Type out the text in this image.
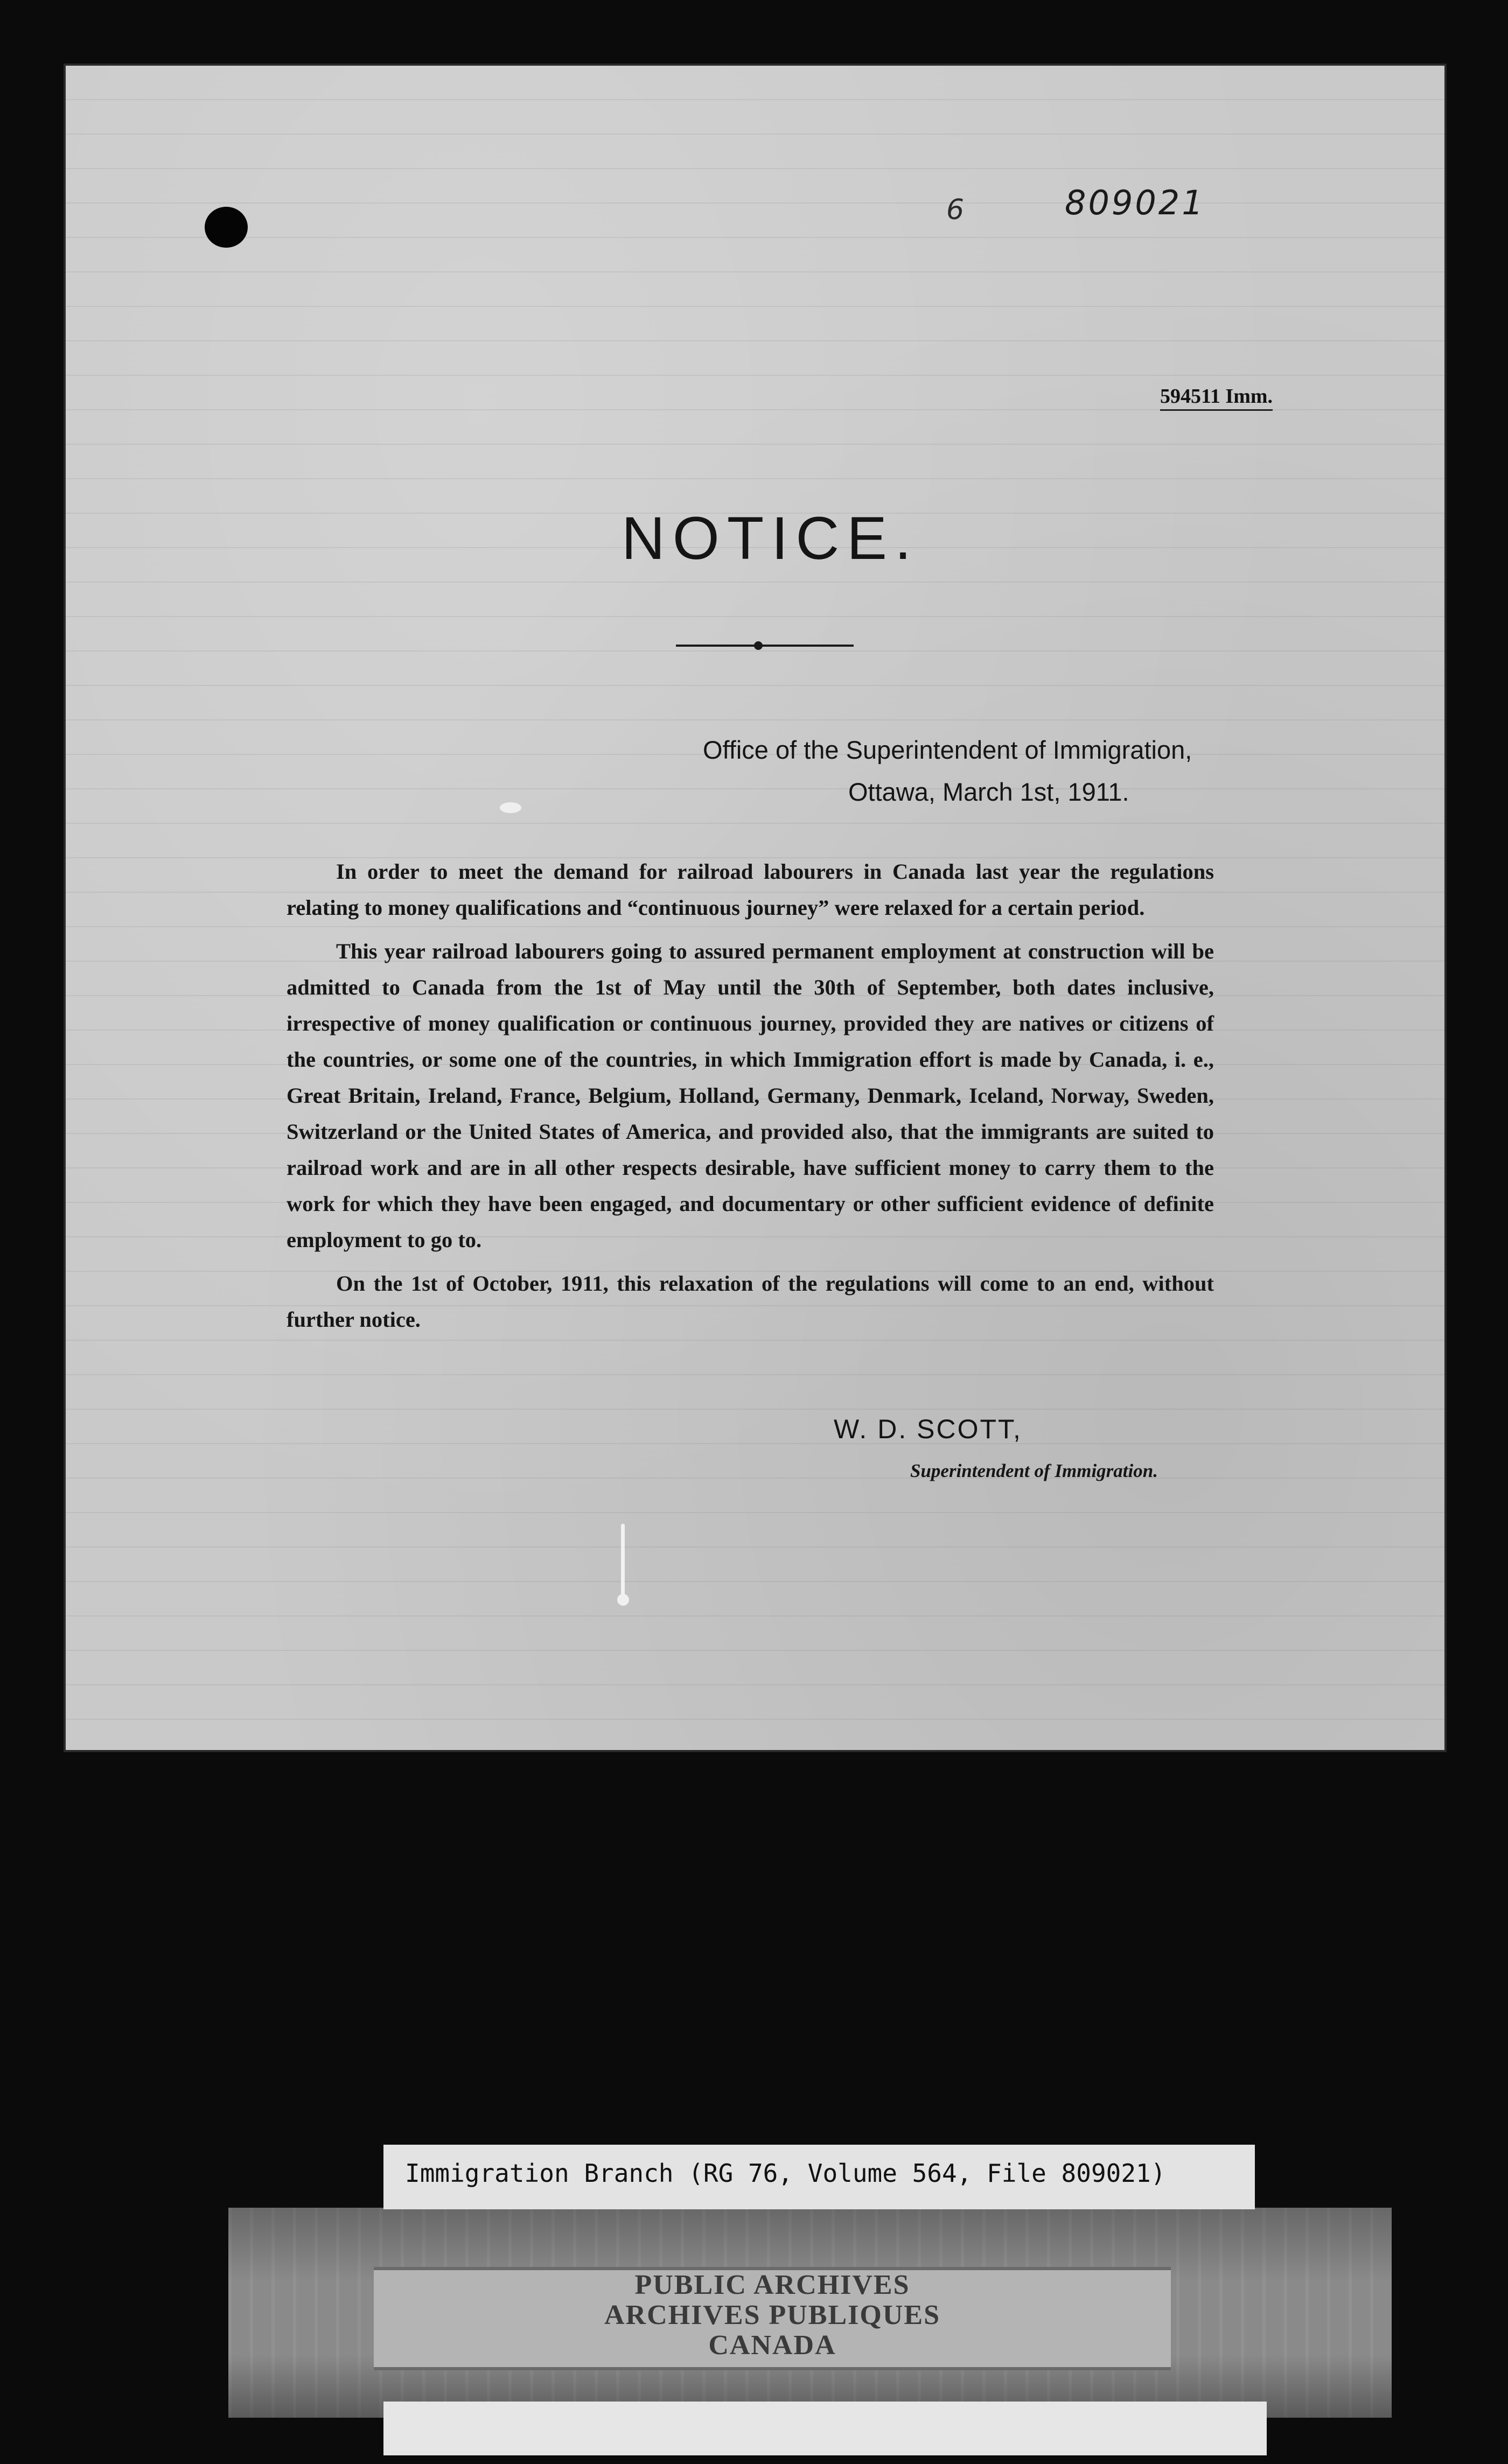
6	809021
594511 Imm.
NOTICE.
Office of the Superintendent of Immigration,
Ottawa, March 1st, 1911.

In order to meet the demand for railroad labourers in Canada last year the regulations relating to money qualifications and “continuous journey” were relaxed for a certain period.

This year railroad labourers going to assured permanent employment at construction will be admitted to Canada from the 1st of May until the 30th of September, both dates inclusive, irrespective of money qualification or continuous journey, provided they are natives or citizens of the countries, or some one of the countries, in which Immigration effort is made by Canada, i. e., Great Britain, Ireland, France, Belgium, Holland, Germany, Denmark, Iceland, Norway, Sweden, Switzerland or the United States of America, and provided also, that the immigrants are suited to railroad work and are in all other respects desirable, have sufficient money to carry them to the work for which they have been engaged, and documentary or other sufficient evidence of definite employment to go to.

On the 1st of October, 1911, this relaxation of the regulations will come to an end, without further notice.

W. D. SCOTT,
Superintendent of Immigration.
PUBLIC ARCHIVES
ARCHIVES PUBLIQUES
CANADA
Immigration Branch (RG 76, Volume 564, File 809021)
